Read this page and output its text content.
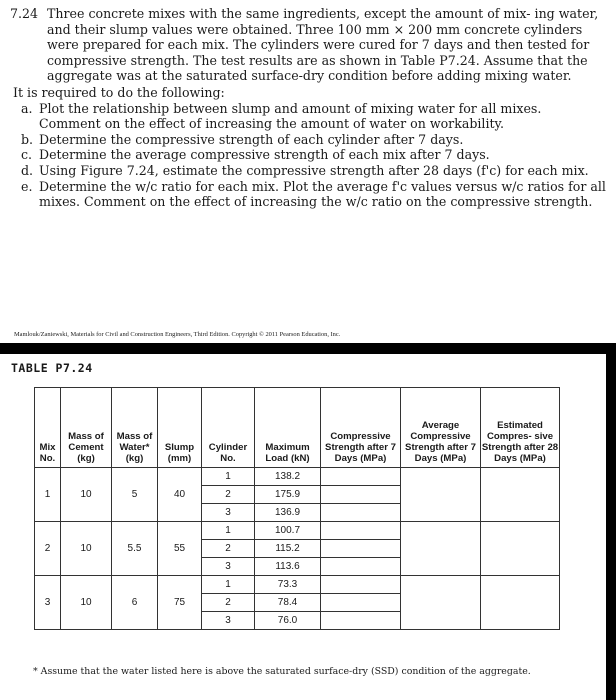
7.24 Three concrete mixes with the same ingredients, except the amount of mix- ing water, and their slump values were obtained. Three 100 mm × 200 mm concrete cylinders were prepared for each mix. The cylinders were cured for 7 days and then tested for compressive strength. The test results are as shown in Table P7.24. Assume that the aggregate was at the saturated surface-dry condition before adding mixing water.
It is required to do the following:
a. Plot the relationship between slump and amount of mixing water for all mixes. Comment on the effect of increasing the amount of water on workability.
b. Determine the compressive strength of each cylinder after 7 days.
c. Determine the average compressive strength of each mix after 7 days.
d. Using Figure 7.24, estimate the compressive strength after 28 days (f'c) for each mix.
e. Determine the w/c ratio for each mix. Plot the average f'c values versus w/c ratios for all mixes. Comment on the effect of increasing the w/c ratio on the compressive strength.
Mamlouk/Zaniewski, Materials for Civil and Construction Engineers, Third Edition. Copyright © 2011 Pearson Education, Inc.
TABLE P7.24
Mix No.	Mass of Cement (kg)	Mass of Water* (kg)	Slump (mm)	Cylinder No.	Maximum Load (kN)	Compressive Strength after 7 Days (MPa)	Average Compressive Strength after 7 Days (MPa)	Estimated Compres- sive Strength after 28 Days (MPa)
1	10	5	40	1	138.2			
				2	175.9			
				3	136.9			
2	10	5.5	55	1	100.7			
				2	115.2			
				3	113.6			
3	10	6	75	1	73.3			
				2	78.4			
				3	76.0			
* Assume that the water listed here is above the saturated surface-dry (SSD) condition of the aggregate.
